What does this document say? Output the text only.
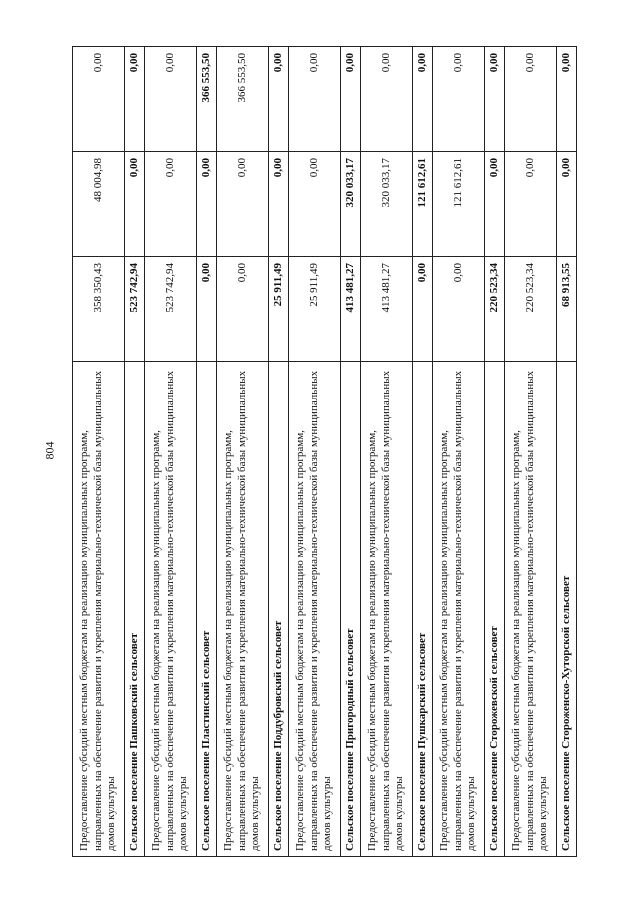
804 Предоставление субсидий местным бюджетам на реализацию муниципальных программ, направленных на обеспечение развития и укрепления материально-технической базы муниципальных домов культуры	358 350,43	48 004,98	0,00
Сельское поселение Пашковский сельсовет	523 742,94	0,00	0,00
Предоставление субсидий местным бюджетам на реализацию муниципальных программ, направленных на обеспечение развития и укрепления материально-технической базы муниципальных домов культуры	523 742,94	0,00	0,00
Сельское поселение Пластинский сельсовет	0,00	0,00	366 553,50
Предоставление субсидий местным бюджетам на реализацию муниципальных программ, направленных на обеспечение развития и укрепления материально-технической базы муниципальных домов культуры	0,00	0,00	366 553,50
Сельское поселение Поддубровский сельсовет	25 911,49	0,00	0,00
Предоставление субсидий местным бюджетам на реализацию муниципальных программ, направленных на обеспечение развития и укрепления материально-технической базы муниципальных домов культуры	25 911,49	0,00	0,00
Сельское поселение Пригородный сельсовет	413 481,27	320 033,17	0,00
Предоставление субсидий местным бюджетам на реализацию муниципальных программ, направленных на обеспечение развития и укрепления материально-технической базы муниципальных домов культуры	413 481,27	320 033,17	0,00
Сельское поселение Пушкарский сельсовет	0,00	121 612,61	0,00
Предоставление субсидий местным бюджетам на реализацию муниципальных программ, направленных на обеспечение развития и укрепления материально-технической базы муниципальных домов культуры	0,00	121 612,61	0,00
Сельское поселение Сторожевской сельсовет	220 523,34	0,00	0,00
Предоставление субсидий местным бюджетам на реализацию муниципальных программ, направленных на обеспечение развития и укрепления материально-технической базы муниципальных домов культуры	220 523,34	0,00	0,00
Сельское поселение Стороженско-Хуторской сельсовет	68 913,55	0,00	0,00
